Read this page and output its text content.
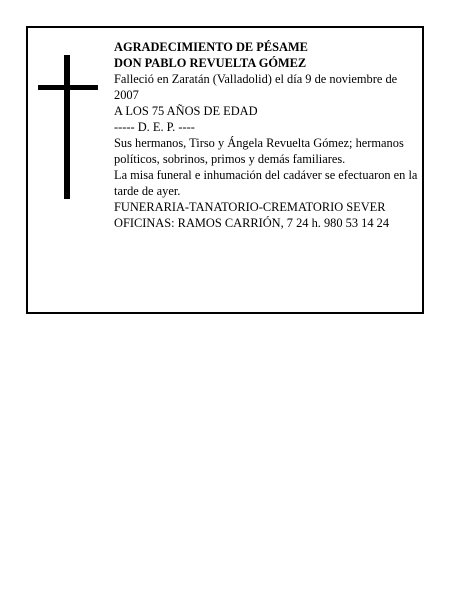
AGRADECIMIENTO DE PÉSAME
DON PABLO REVUELTA GÓMEZ
Falleció en Zaratán (Valladolid) el día 9 de noviembre de 2007
A LOS 75 AÑOS DE EDAD
----- D. E. P. ----
Sus hermanos, Tirso y Ángela Revuelta Gómez; hermanos políticos, sobrinos, primos y demás familiares.
La misa funeral e inhumación del cadáver se efectuaron en la tarde de ayer.
FUNERARIA-TANATORIO-CREMATORIO SEVER
OFICINAS: RAMOS CARRIÓN, 7 24 h. 980 53 14 24
